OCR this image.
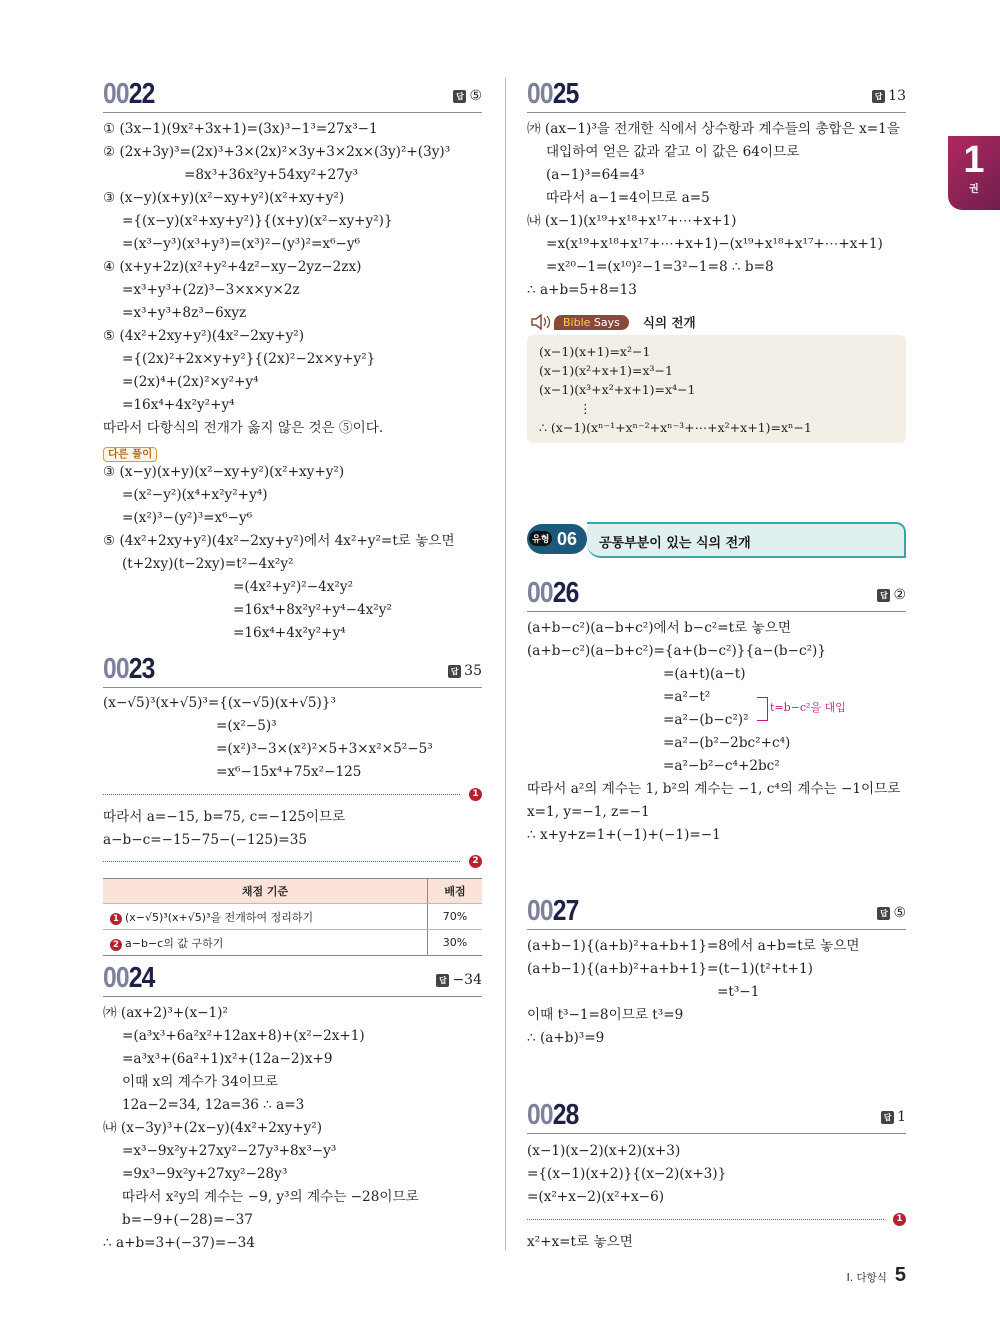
1
권
0022	답 ⑤
0023	답 35
0024	답 −34
0025	답 13
0026	답 ②
0027	답 ⑤
0028	답 1
① (3x−1)(9x²+3x+1)=(3x)³−1³=27x³−1
② (2x+3y)³=(2x)³+3×(2x)²×3y+3×2x×(3y)²+(3y)³
=8x³+36x²y+54xy²+27y³
③ (x−y)(x+y)(x²−xy+y²)(x²+xy+y²)
={(x−y)(x²+xy+y²)}{(x+y)(x²−xy+y²)}
=(x³−y³)(x³+y³)=(x³)²−(y³)²=x⁶−y⁶
④ (x+y+2z)(x²+y²+4z²−xy−2yz−2zx)
=x³+y³+(2z)³−3×x×y×2z
=x³+y³+8z³−6xyz
⑤ (4x²+2xy+y²)(4x²−2xy+y²)
={(2x)²+2x×y+y²}{(2x)²−2x×y+y²}
=(2x)⁴+(2x)²×y²+y⁴
=16x⁴+4x²y²+y⁴
따라서 다항식의 전개가 옳지 않은 것은 ⑤이다.
다른 풀이
③ (x−y)(x+y)(x²−xy+y²)(x²+xy+y²)
=(x²−y²)(x⁴+x²y²+y⁴)
=(x²)³−(y²)³=x⁶−y⁶
⑤ (4x²+2xy+y²)(4x²−2xy+y²)에서 4x²+y²=t로 놓으면
(t+2xy)(t−2xy)=t²−4x²y²
=(4x²+y²)²−4x²y²
=16x⁴+8x²y²+y⁴−4x²y²
=16x⁴+4x²y²+y⁴
(x−√5)³(x+√5)³={(x−√5)(x+√5)}³
=(x²−5)³
=(x²)³−3×(x²)²×5+3×x²×5²−5³
=x⁶−15x⁴+75x²−125
1
따라서 a=−15, b=75, c=−125이므로
a−b−c=−15−75−(−125)=35
2
채점 기준	배점
1 (x−√5)³(x+√5)³을 전개하여 정리하기	70%
2 a−b−c의 값 구하기	30%
㈎ (ax+2)³+(x−1)²
=(a³x³+6a²x²+12ax+8)+(x²−2x+1)
=a³x³+(6a²+1)x²+(12a−2)x+9
이때 x의 계수가 34이므로
12a−2=34, 12a=36 ∴ a=3
㈏ (x−3y)³+(2x−y)(4x²+2xy+y²)
=x³−9x²y+27xy²−27y³+8x³−y³
=9x³−9x²y+27xy²−28y³
따라서 x²y의 계수는 −9, y³의 계수는 −28이므로
b=−9+(−28)=−37
∴ a+b=3+(−37)=−34
㈎ (ax−1)³을 전개한 식에서 상수항과 계수들의 총합은 x=1을
대입하여 얻은 값과 같고 이 값은 64이므로
(a−1)³=64=4³
따라서 a−1=4이므로 a=5
㈏ (x−1)(x¹⁹+x¹⁸+x¹⁷+⋯+x+1)
=x(x¹⁹+x¹⁸+x¹⁷+⋯+x+1)−(x¹⁹+x¹⁸+x¹⁷+⋯+x+1)
=x²⁰−1=(x¹⁰)²−1=3²−1=8 ∴ b=8
∴ a+b=5+8=13
Bible Says	식의 전개
(x−1)(x+1)=x²−1
(x−1)(x²+x+1)=x³−1
(x−1)(x³+x²+x+1)=x⁴−1
⋮
∴ (x−1)(xⁿ⁻¹+xⁿ⁻²+xⁿ⁻³+⋯+x²+x+1)=xⁿ−1
유형 06 공통부분이 있는 식의 전개
(a+b−c²)(a−b+c²)에서 b−c²=t로 놓으면
(a+b−c²)(a−b+c²)={a+(b−c²)}{a−(b−c²)}
=(a+t)(a−t)
=a²−t²
=a²−(b−c²)²
=a²−(b²−2bc²+c⁴)
=a²−b²−c⁴+2bc²
따라서 a²의 계수는 1, b²의 계수는 −1, c⁴의 계수는 −1이므로
x=1, y=−1, z=−1
∴ x+y+z=1+(−1)+(−1)=−1
t=b−c²을 대입
(a+b−1){(a+b)²+a+b+1}=8에서 a+b=t로 놓으면
(a+b−1){(a+b)²+a+b+1}=(t−1)(t²+t+1)
=t³−1
이때 t³−1=8이므로 t³=9
∴ (a+b)³=9
(x−1)(x−2)(x+2)(x+3)
={(x−1)(x+2)}{(x−2)(x+3)}
=(x²+x−2)(x²+x−6)
1
x²+x=t로 놓으면
I. 다항식 5
